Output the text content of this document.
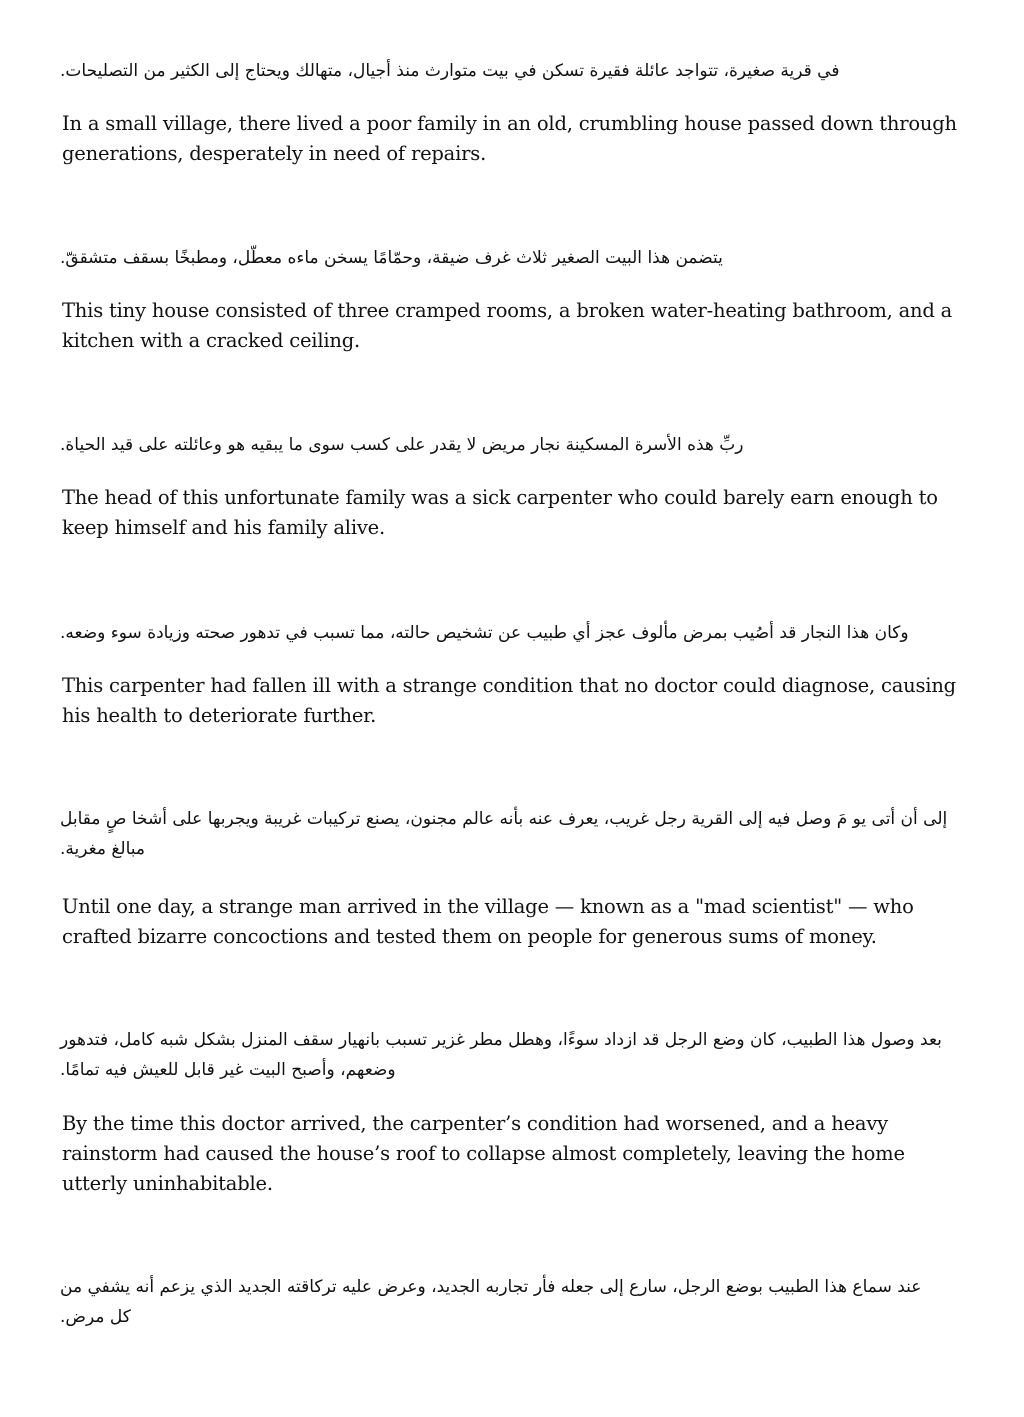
في قرية صغيرة، تتواجد عائلة فقيرة تسكن في بيت متوارث منذ أجيال، متهالك ويحتاج إلى الكثير من التصليحات.
In a small village, there lived a poor family in an old, crumbling house passed down through generations, desperately in need of repairs.
يتضمن هذا البيت الصغير ثلاث غرف ضيقة، وحمّامًا يسخن ماءه معطّل، ومطبخًا بسقف متشققّ.
This tiny house consisted of three cramped rooms, a broken water-heating bathroom, and a kitchen with a cracked ceiling.
ربِّ هذه الأسرة المسكينة نجار مريض لا يقدر على كسب سوى ما يبقيه هو وعائلته على قيد الحياة.
The head of this unfortunate family was a sick carpenter who could barely earn enough to keep himself and his family alive.
وكان هذا النجار قد أصُيب بمرض مألوف عجز أي طبيب عن تشخيص حالته، مما تسبب في تدهور صحته وزيادة سوء وضعه.
This carpenter had fallen ill with a strange condition that no doctor could diagnose, causing his health to deteriorate further.
إلى أن أتى يو مَ وصل فيه إلى القرية رجل غريب، يعرف عنه بأنه عالم مجنون، يصنع تركيبات غريبة ويجربها على أشخا صٍ مقابل مبالغ مغرية.
Until one day, a strange man arrived in the village — known as a "mad scientist" — who crafted bizarre concoctions and tested them on people for generous sums of money.
بعد وصول هذا الطبيب، كان وضع الرجل قد ازداد سوءًا، وهطل مطر غزير تسبب بانهيار سقف المنزل بشكل شبه كامل، فتدهور وضعهم، وأصبح البيت غير قابل للعيش فيه تمامًا.
By the time this doctor arrived, the carpenter’s condition had worsened, and a heavy rainstorm had caused the house’s roof to collapse almost completely, leaving the home utterly uninhabitable.
عند سماع هذا الطبيب بوضع الرجل، سارع إلى جعله فأر تجاربه الجديد، وعرض عليه تركاقته الجديد الذي يزعم أنه يشفي من
كل مرض.
